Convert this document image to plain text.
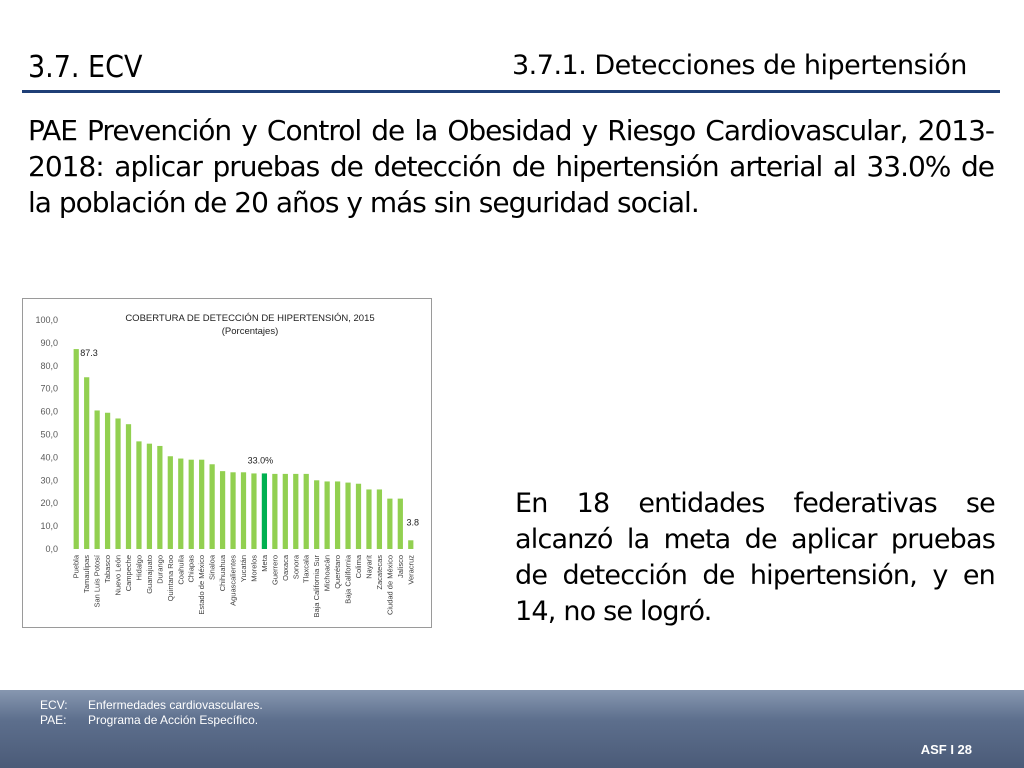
3.7. ECV	3.7.1. Detecciones de hipertensión
PAE Prevención y Control de la Obesidad y Riesgo Cardiovascular, 2013-2018: aplicar pruebas de detección de hipertensión arterial al 33.0% de la población de 20 años y más sin seguridad social.
COBERTURA DE DETECCIÓN DE HIPERTENSIÓN, 2015
(Porcentajes)
0,0
10,0
20,0
30,0
40,0
50,0
60,0
70,0
80,0
90,0
100,0
Puebla Tamaulipas San Luis Potosí Tabasco Nuevo León Campeche Hidalgo Guanajuato Durango Quintana Roo Coahuila Chiapas Estado de México Sinaloa Chihuahua Aguascalientes Yucatán Morelos Meta Guerrero Oaxaca Sonora Tlaxcala Baja California Sur Michoacán Querétaro Baja California Colima Nayarit Zacatecas Ciudad de México Jalisco Veracruz
87.3
33.0%
3.8
En 18 entidades federativas se alcanzó la meta de aplicar pruebas de detección de hipertensión, y en 14, no se logró.
ECV: Enfermedades cardiovasculares.
PAE: Programa de Acción Específico.
ASF I 28
